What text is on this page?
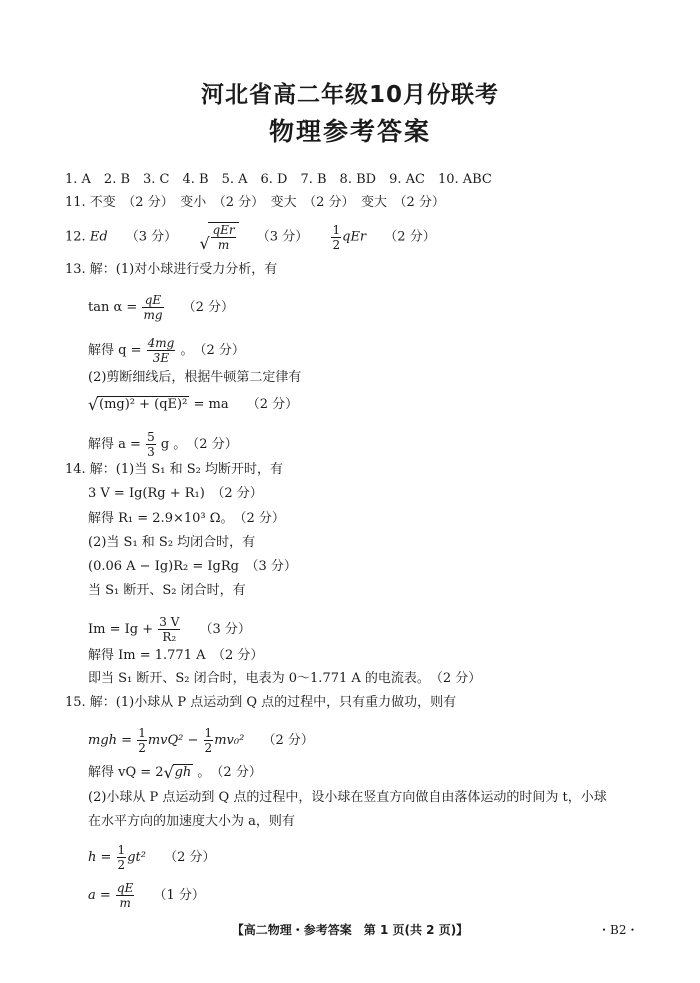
河北省高二年级10月份联考
物理参考答案
1. A　2. B　3. C　4. B　5. A　6. D　7. B　8. BD　9. AC　10. ABC
11. 不变　（2 分）　变小　（2 分）　变大　（2 分）　变大　（2 分）
12. Ed （3 分） √ $\frac{\text{qEr}}{m} (3$ 分） $\frac{1}{2}$ qEr （2 分）
13. 解：(1)对小球进行受力分析，有
$\tan \alpha = \frac{qE}{mg} (2$ 分）
解得 $q = \frac{4mg}{3E}$ 。　（2 分）
(2)剪断细线后，根据牛顿第二定律有
√ (mg)² + (qE)² = ma （2 分）
解得 $a = \frac{5}{3}$ g 。　（2 分）
14. 解：(1)当 S₁ 和 S₂ 均断开时，有
3 V = Ig(Rg + R₁)　（2 分）
解得 R₁ = 2.9×10³ Ω。　（2 分）
(2)当 S₁ 和 S₂ 均闭合时，有
(0.06 A − Ig)R₂ = IgRg　（3 分）
当 S₁ 断开、S₂ 闭合时，有
$Im = Ig + \frac{3 V}{\text{R₂}} (3$ 分）
解得 Im = 1.771 A　（2 分）
即当 S₁ 断开、S₂ 闭合时，电表为 0～1.771 A 的电流表。　（2 分）
15. 解：(1)小球从 P 点运动到 Q 点的过程中，只有重力做功，则有
mgh = $\frac{1}{2} mvQ^2 - \frac{1}{2} mv_0^2$ （2 分）
解得 vQ = 2 √ gh 。　（2 分）
(2)小球从 P 点运动到 Q 点的过程中，设小球在竖直方向做自由落体运动的时间为 t，小球
在水平方向的加速度大小为 a，则有
$h = \frac{1}{2} gt^2$ （2 分）
$a = \frac{qE}{m} (1$ 分）
【高二物理・参考答案　第 1 页(共 2 页)】	・B2・
